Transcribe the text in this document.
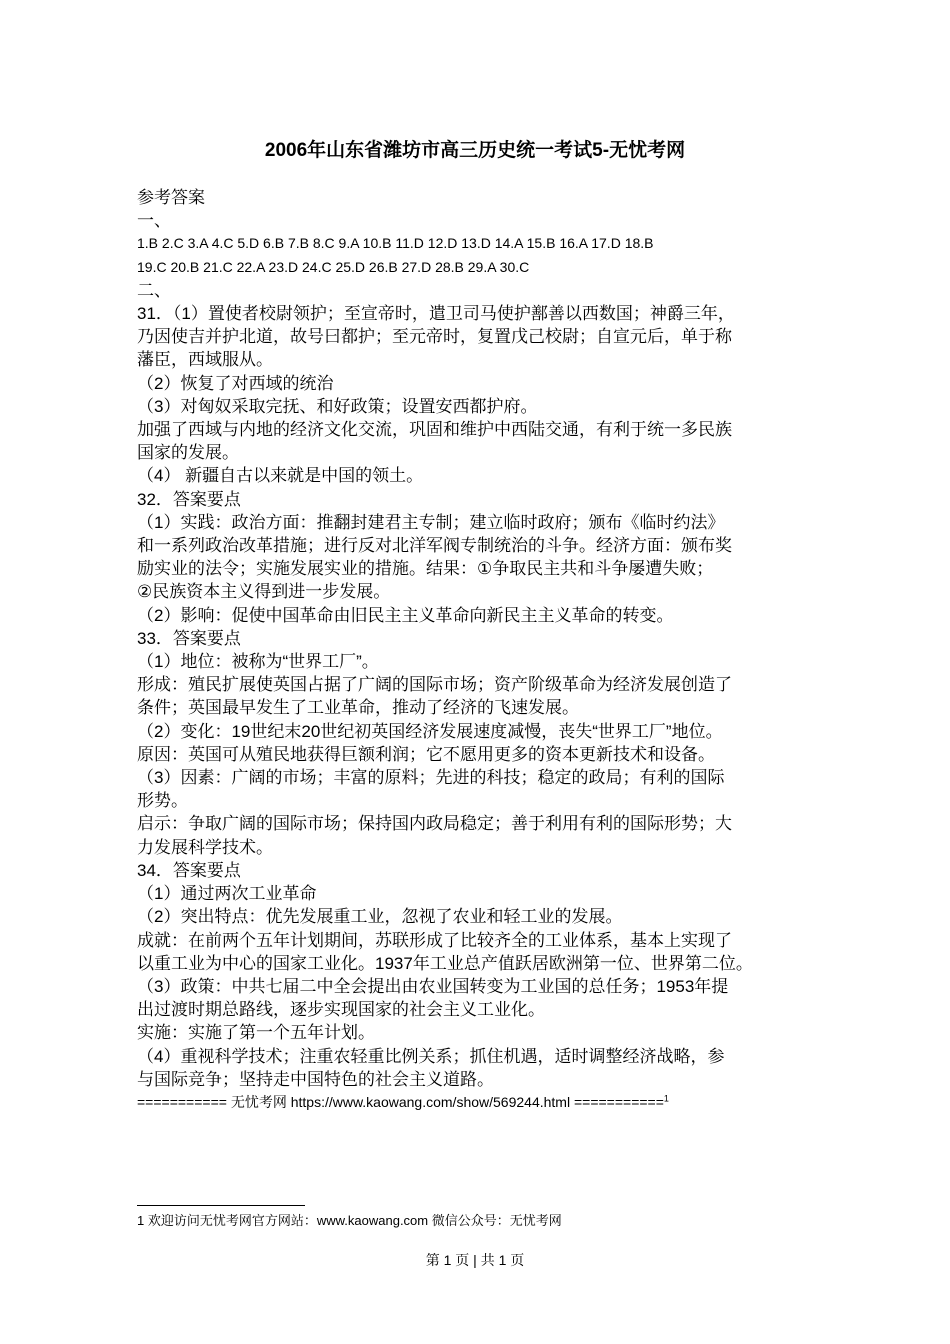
2006年山东省潍坊市高三历史统一考试5-无忧考网
参考答案
一、
1.B 2.C 3.A 4.C 5.D 6.B 7.B 8.C 9.A 10.B 11.D 12.D 13.D 14.A 15.B 16.A 17.D 18.B
19.C 20.B 21.C 22.A 23.D 24.C 25.D 26.B 27.D 28.B 29.A 30.C
二、
31．（1）置使者校尉领护；至宣帝时，遣卫司马使护鄯善以西数国；神爵三年，
乃因使吉并护北道，故号曰都护；至元帝时，复置戊己校尉；自宣元后，单于称
藩臣，西域服从。
（2）恢复了对西域的统治
（3）对匈奴采取完抚、和好政策；设置安西都护府。
加强了西域与内地的经济文化交流，巩固和维护中西陆交通，有利于统一多民族
国家的发展。
（4） 新疆自古以来就是中国的领土。
32．答案要点
（1）实践：政治方面：推翻封建君主专制；建立临时政府；颁布《临时约法》
和一系列政治改革措施；进行反对北洋军阀专制统治的斗争。经济方面：颁布奖
励实业的法令；实施发展实业的措施。结果：①争取民主共和斗争屡遭失败；
②民族资本主义得到进一步发展。
（2）影响：促使中国革命由旧民主主义革命向新民主主义革命的转变。
33．答案要点
（1）地位：被称为“世界工厂”。
形成：殖民扩展使英国占据了广阔的国际市场；资产阶级革命为经济发展创造了
条件；英国最早发生了工业革命，推动了经济的飞速发展。
（2）变化：19世纪末20世纪初英国经济发展速度减慢，丧失“世界工厂”地位。
原因：英国可从殖民地获得巨额利润；它不愿用更多的资本更新技术和设备。
（3）因素：广阔的市场；丰富的原料；先进的科技；稳定的政局；有利的国际
形势。
启示：争取广阔的国际市场；保持国内政局稳定；善于利用有利的国际形势；大
力发展科学技术。
34．答案要点
（1）通过两次工业革命
（2）突出特点：优先发展重工业，忽视了农业和轻工业的发展。
成就：在前两个五年计划期间，苏联形成了比较齐全的工业体系，基本上实现了
以重工业为中心的国家工业化。1937年工业总产值跃居欧洲第一位、世界第二位。
（3）政策：中共七届二中全会提出由农业国转变为工业国的总任务；1953年提
出过渡时期总路线，逐步实现国家的社会主义工业化。
实施：实施了第一个五年计划。
（4）重视科学技术；注重农轻重比例关系；抓住机遇，适时调整经济战略，参
与国际竞争；坚持走中国特色的社会主义道路。
=========== 无忧考网 https://www.kaowang.com/show/569244.html ===========$^1$
1 欢迎访问无忧考网官方网站：www.kaowang.com 微信公众号：无忧考网
第 1 页 | 共 1 页
